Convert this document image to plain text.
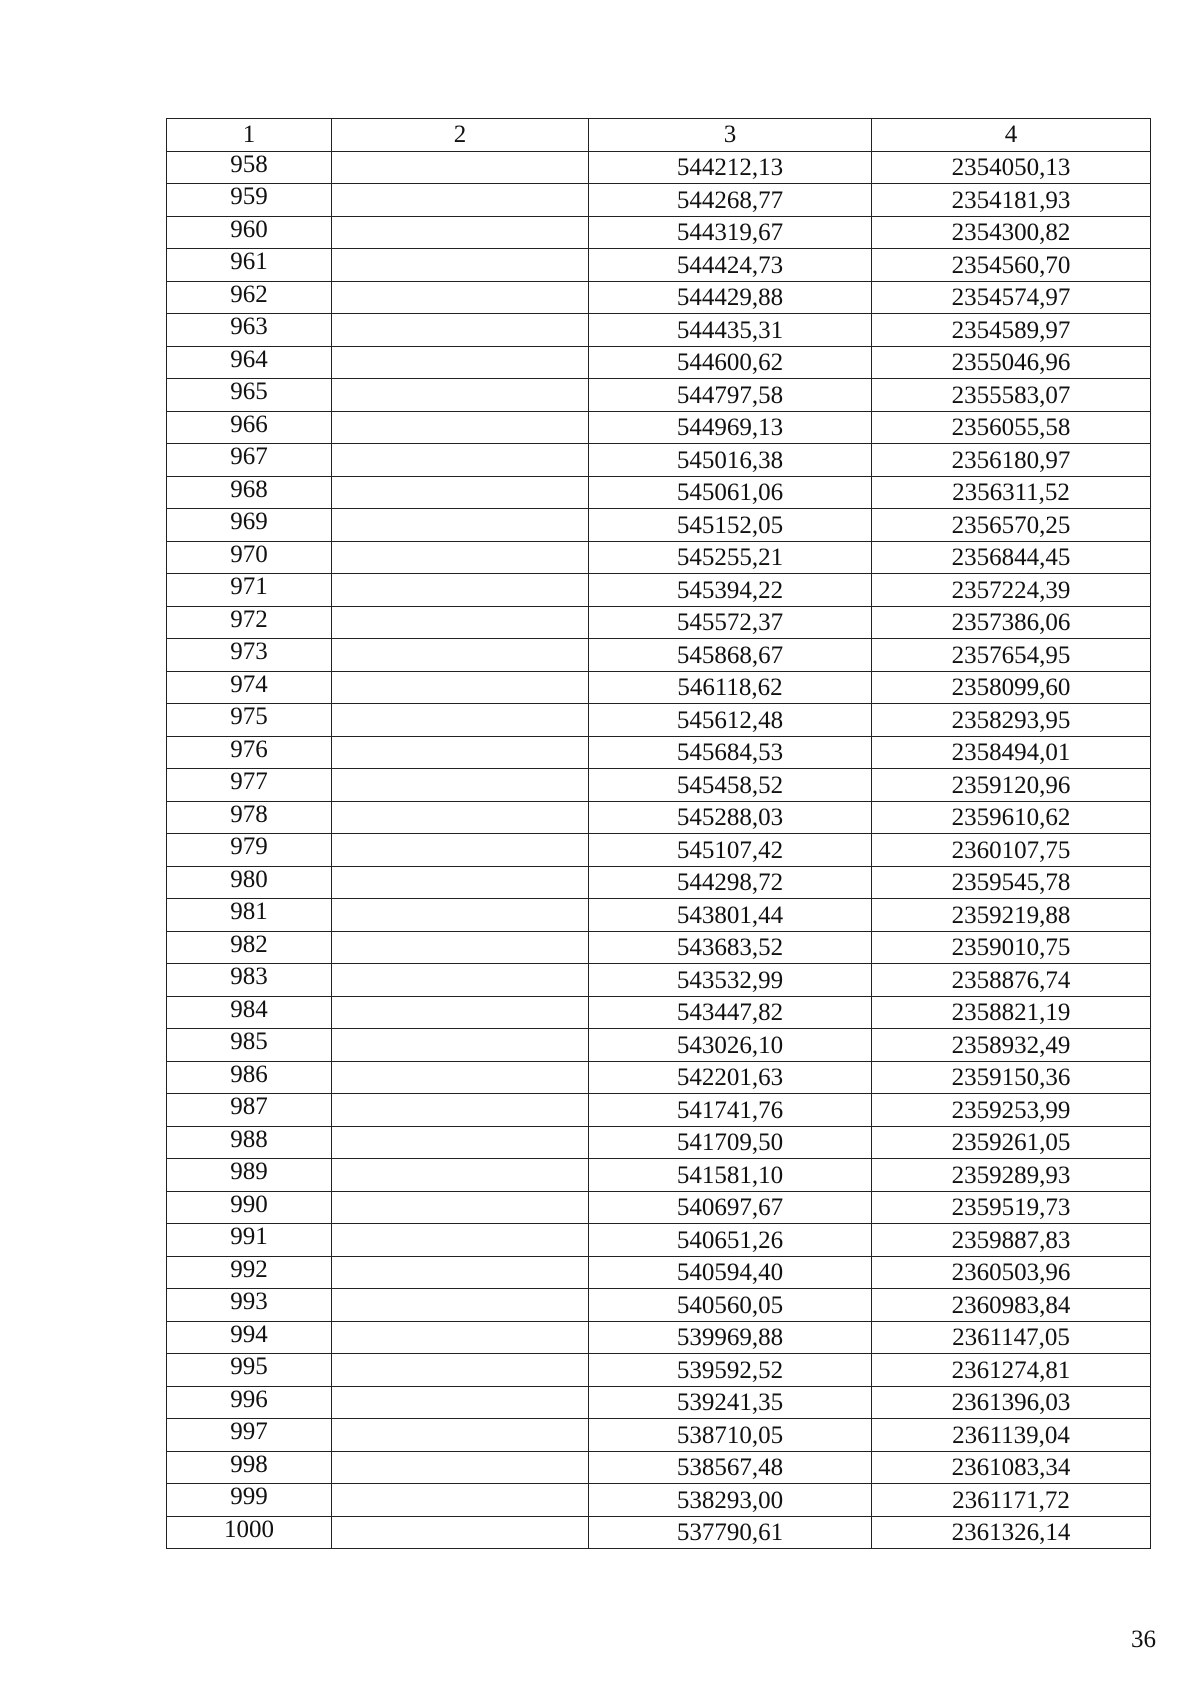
1	2	3	4
958		544212,13	2354050,13
959		544268,77	2354181,93
960		544319,67	2354300,82
961		544424,73	2354560,70
962		544429,88	2354574,97
963		544435,31	2354589,97
964		544600,62	2355046,96
965		544797,58	2355583,07
966		544969,13	2356055,58
967		545016,38	2356180,97
968		545061,06	2356311,52
969		545152,05	2356570,25
970		545255,21	2356844,45
971		545394,22	2357224,39
972		545572,37	2357386,06
973		545868,67	2357654,95
974		546118,62	2358099,60
975		545612,48	2358293,95
976		545684,53	2358494,01
977		545458,52	2359120,96
978		545288,03	2359610,62
979		545107,42	2360107,75
980		544298,72	2359545,78
981		543801,44	2359219,88
982		543683,52	2359010,75
983		543532,99	2358876,74
984		543447,82	2358821,19
985		543026,10	2358932,49
986		542201,63	2359150,36
987		541741,76	2359253,99
988		541709,50	2359261,05
989		541581,10	2359289,93
990		540697,67	2359519,73
991		540651,26	2359887,83
992		540594,40	2360503,96
993		540560,05	2360983,84
994		539969,88	2361147,05
995		539592,52	2361274,81
996		539241,35	2361396,03
997		538710,05	2361139,04
998		538567,48	2361083,34
999		538293,00	2361171,72
1000		537790,61	2361326,14
36
